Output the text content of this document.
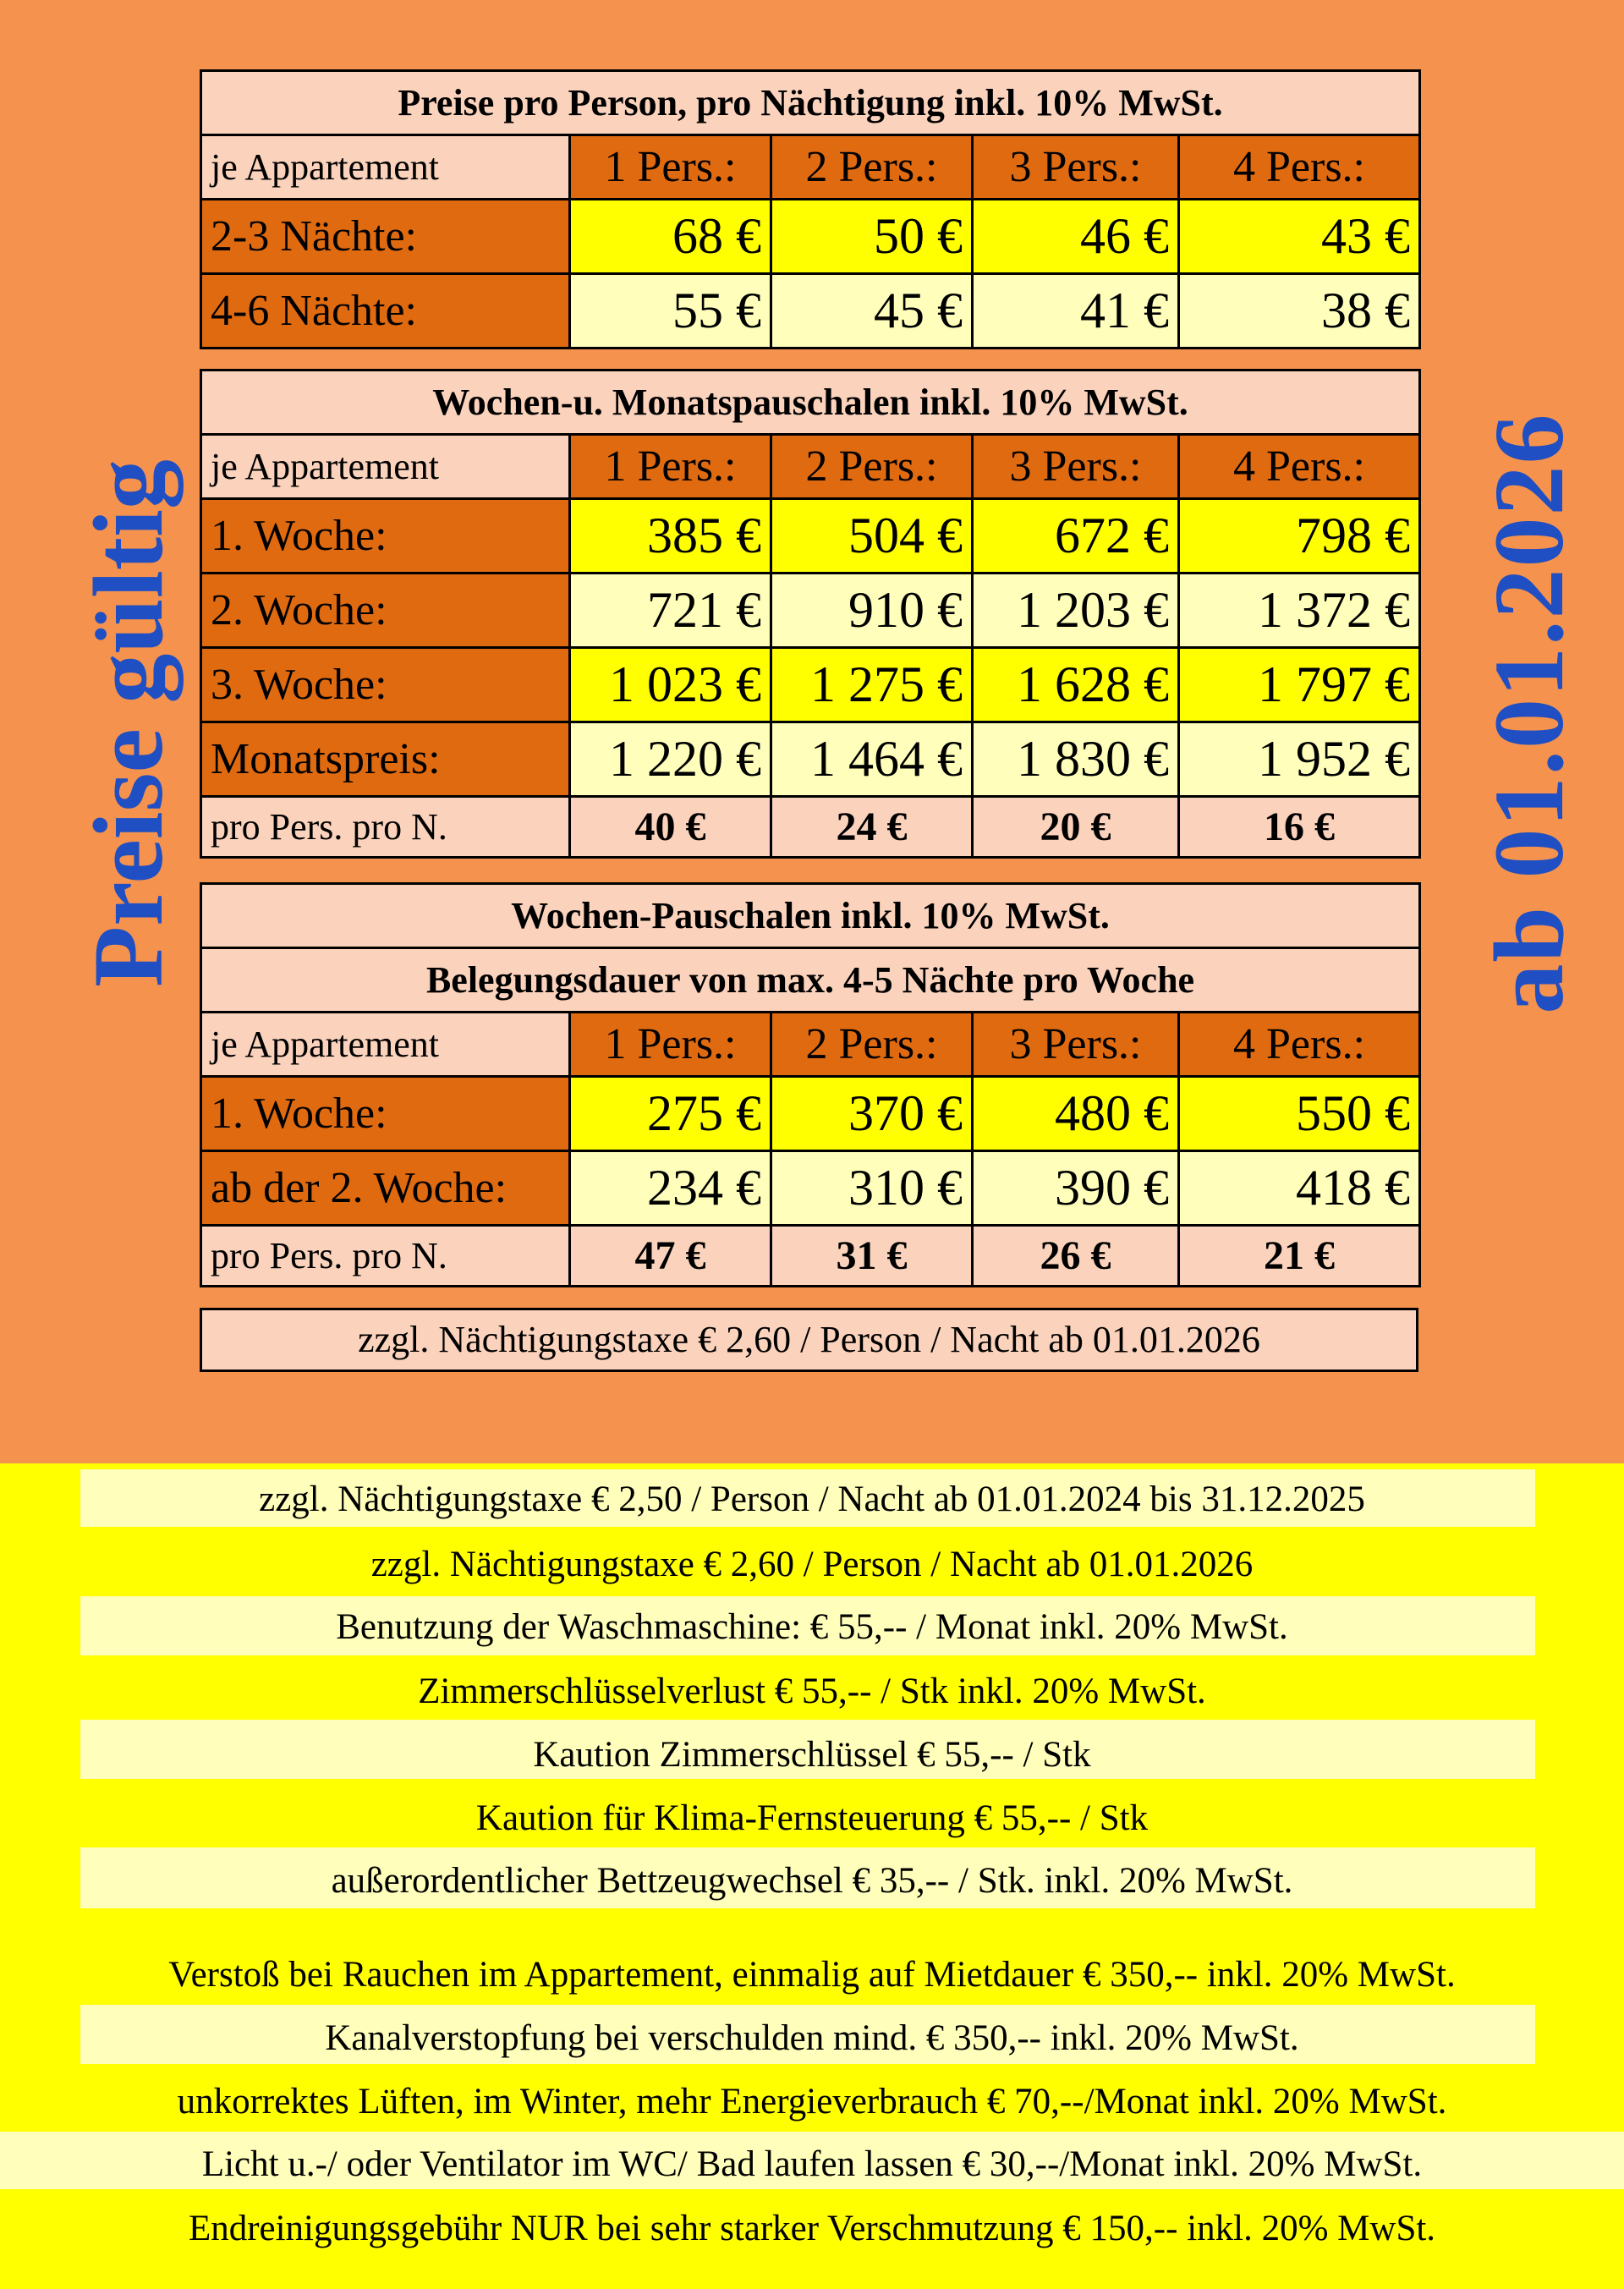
Preise gültig	ab 01.01.2026
Preise pro Person, pro Nächtigung inkl. 10% MwSt.				
je Appartement	1 Pers.:	2 Pers.:	3 Pers.:	4 Pers.:
2-3 Nächte:	68 €	50 €	46 €	43 €
4-6 Nächte:	55 €	45 €	41 €	38 €
Wochen-u. Monatspauschalen inkl. 10% MwSt.				
je Appartement	1 Pers.:	2 Pers.:	3 Pers.:	4 Pers.:
1. Woche:	385 €	504 €	672 €	798 €
2. Woche:	721 €	910 €	1 203 €	1 372 €
3. Woche:	1 023 €	1 275 €	1 628 €	1 797 €
Monatspreis:	1 220 €	1 464 €	1 830 €	1 952 €
pro Pers. pro N.	40 €	24 €	20 €	16 €
Wochen-Pauschalen inkl. 10% MwSt.				
Belegungsdauer von max. 4-5 Nächte pro Woche				
je Appartement	1 Pers.:	2 Pers.:	3 Pers.:	4 Pers.:
1. Woche:	275 €	370 €	480 €	550 €
ab der 2. Woche:	234 €	310 €	390 €	418 €
pro Pers. pro N.	47 €	31 €	26 €	21 €
zzgl. Nächtigungstaxe € 2,60 / Person / Nacht ab 01.01.2026
zzgl. Nächtigungstaxe € 2,50 / Person / Nacht ab 01.01.2024 bis 31.12.2025
zzgl. Nächtigungstaxe € 2,60 / Person / Nacht ab 01.01.2026
Benutzung der Waschmaschine: € 55,-- / Monat inkl. 20% MwSt.
Zimmerschlüsselverlust € 55,-- / Stk inkl. 20% MwSt.
Kaution Zimmerschlüssel € 55,-- / Stk
Kaution für Klima-Fernsteuerung € 55,-- / Stk
außerordentlicher Bettzeugwechsel € 35,-- / Stk. inkl. 20% MwSt.
Verstoß bei Rauchen im Appartement, einmalig auf Mietdauer € 350,-- inkl. 20% MwSt.
Kanalverstopfung bei verschulden mind. € 350,-- inkl. 20% MwSt.
unkorrektes Lüften, im Winter, mehr Energieverbrauch € 70,--/Monat inkl. 20% MwSt.
Licht u.-/ oder Ventilator im WC/ Bad laufen lassen € 30,--/Monat inkl. 20% MwSt.
Endreinigungsgebühr NUR bei sehr starker Verschmutzung € 150,-- inkl. 20% MwSt.
